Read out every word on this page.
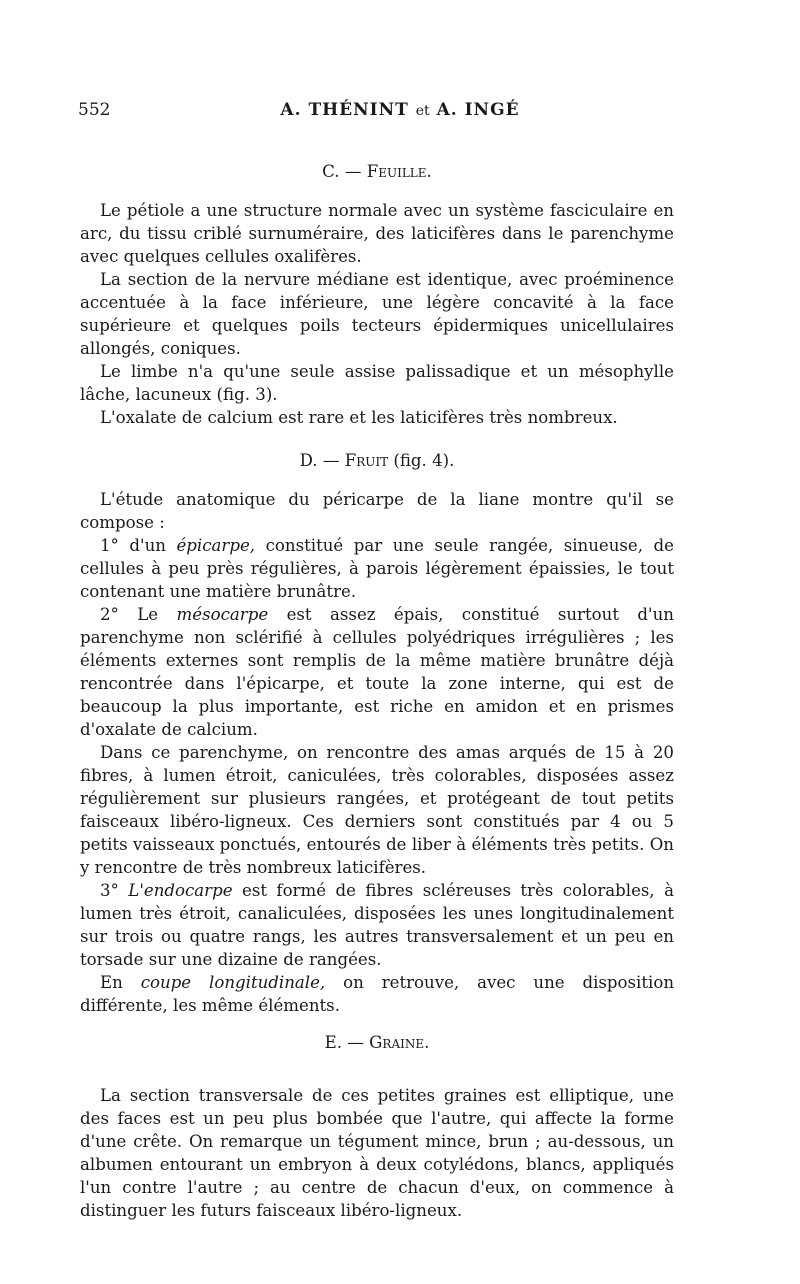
552	A. THÉNINT et A. INGÉ
C. — Feuille.

Le pétiole a une structure normale avec un système fasciculaire en arc, du tissu criblé surnuméraire, des laticifères dans le parenchyme avec quelques cellules oxalifères.

La section de la nervure médiane est identique, avec proéminence accentuée à la face inférieure, une légère concavité à la face supérieure et quelques poils tecteurs épidermiques unicellulaires allongés, coniques.

Le limbe n'a qu'une seule assise palissadique et un mésophylle lâche, lacuneux (fig. 3).

L'oxalate de calcium est rare et les laticifères très nombreux.

D. — Fruit (fig. 4).

L'étude anatomique du péricarpe de la liane montre qu'il se compose :

1° d'un épicarpe, constitué par une seule rangée, sinueuse, de cellules à peu près régulières, à parois légèrement épaissies, le tout contenant une matière brunâtre.

2° Le mésocarpe est assez épais, constitué surtout d'un parenchyme non sclérifié à cellules polyédriques irrégulières ; les éléments externes sont remplis de la même matière brunâtre déjà rencontrée dans l'épicarpe, et toute la zone interne, qui est de beaucoup la plus importante, est riche en amidon et en prismes d'oxalate de calcium.

Dans ce parenchyme, on rencontre des amas arqués de 15 à 20 fibres, à lumen étroit, caniculées, très colorables, disposées assez régulièrement sur plusieurs rangées, et protégeant de tout petits faisceaux libéro-ligneux. Ces derniers sont constitués par 4 ou 5 petits vaisseaux ponctués, entourés de liber à éléments très petits. On y rencontre de très nombreux laticifères.

3° L'endocarpe est formé de fibres scléreuses très colorables, à lumen très étroit, canaliculées, disposées les unes longitudinalement sur trois ou quatre rangs, les autres transversalement et un peu en torsade sur une dizaine de rangées.

En coupe longitudinale, on retrouve, avec une disposition différente, les même éléments.

E. — Graine.

La section transversale de ces petites graines est elliptique, une des faces est un peu plus bombée que l'autre, qui affecte la forme d'une crête. On remarque un tégument mince, brun ; au-dessous, un albumen entourant un embryon à deux cotylédons, blancs, appliqués l'un contre l'autre ; au centre de chacun d'eux, on commence à distinguer les futurs faisceaux libéro-ligneux.
